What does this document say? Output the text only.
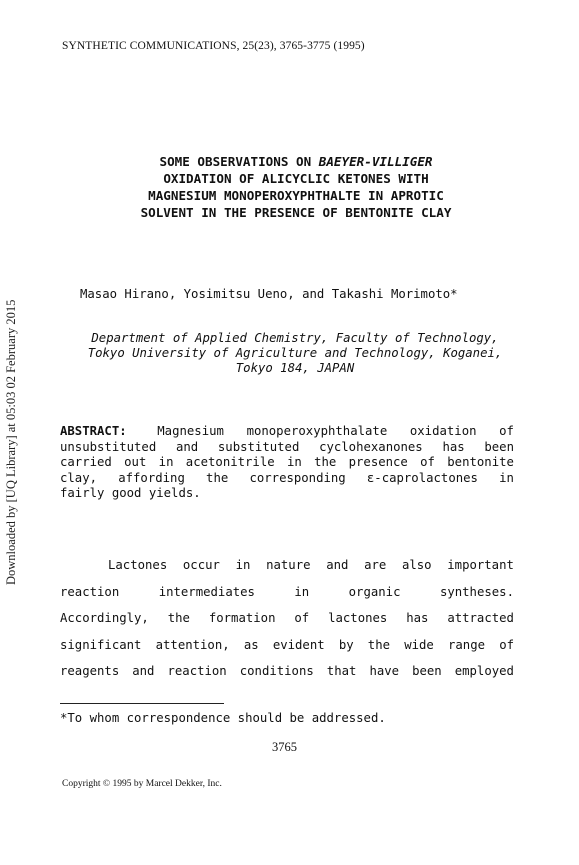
SYNTHETIC COMMUNICATIONS, 25(23), 3765-3775 (1995)
SOME OBSERVATIONS ON BAEYER-VILLIGER
OXIDATION OF ALICYCLIC KETONES WITH
MAGNESIUM MONOPEROXYPHTHALTE IN APROTIC
SOLVENT IN THE PRESENCE OF BENTONITE CLAY
Masao Hirano, Yosimitsu Ueno, and Takashi Morimoto*
Department of Applied Chemistry, Faculty of Technology,
Tokyo University of Agriculture and Technology, Koganei,
Tokyo 184, JAPAN
ABSTRACT: Magnesium monoperoxyphthalate oxidation of
unsubstituted and substituted cyclohexanones has been
carried out in acetonitrile in the presence of bentonite
clay, affording the corresponding ε-caprolactones in
fairly good yields.
Lactones occur in nature and are also important
reaction	intermediates	in	organic	syntheses.
Accordingly, the formation of lactones has attracted
significant attention, as evident by the wide range of
reagents and reaction conditions that have been employed
*To whom correspondence should be addressed.
3765
Copyright © 1995 by Marcel Dekker, Inc.
Downloaded by [UQ Library] at 05:03 02 February 2015
